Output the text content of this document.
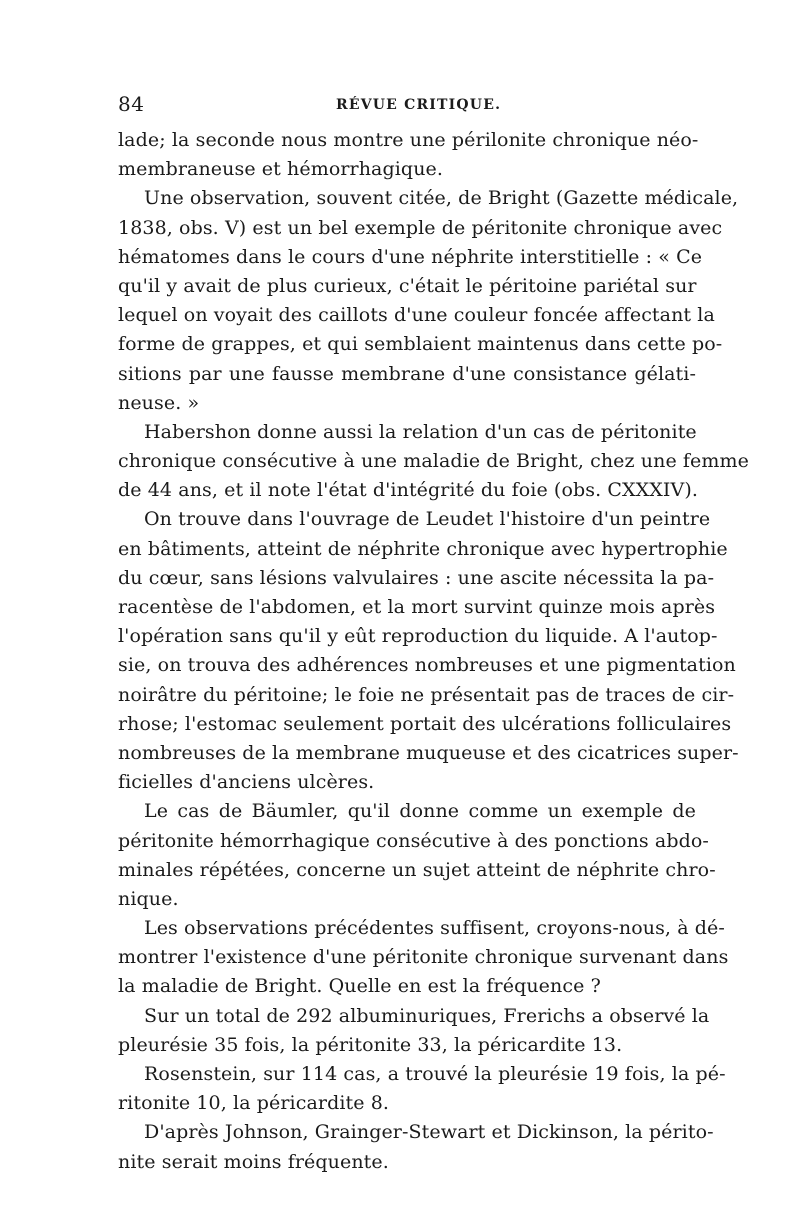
84	RÉVUE CRITIQUE.
lade; la seconde nous montre une périlonite chronique néo-
membraneuse et hémorrhagique.
Une observation, souvent citée, de Bright (Gazette médicale,
1838, obs. V) est un bel exemple de péritonite chronique avec
hématomes dans le cours d'une néphrite interstitielle : « Ce
qu'il y avait de plus curieux, c'était le péritoine pariétal sur
lequel on voyait des caillots d'une couleur foncée affectant la
forme de grappes, et qui semblaient maintenus dans cette po-
sitions par une fausse membrane d'une consistance gélati-
neuse. »
Habershon donne aussi la relation d'un cas de péritonite
chronique consécutive à une maladie de Bright, chez une femme
de 44 ans, et il note l'état d'intégrité du foie (obs. CXXXIV).
On trouve dans l'ouvrage de Leudet l'histoire d'un peintre
en bâtiments, atteint de néphrite chronique avec hypertrophie
du cœur, sans lésions valvulaires : une ascite nécessita la pa-
racentèse de l'abdomen, et la mort survint quinze mois après
l'opération sans qu'il y eût reproduction du liquide. A l'autop-
sie, on trouva des adhérences nombreuses et une pigmentation
noirâtre du péritoine; le foie ne présentait pas de traces de cir-
rhose; l'estomac seulement portait des ulcérations folliculaires
nombreuses de la membrane muqueuse et des cicatrices super-
ficielles d'anciens ulcères.
Le cas de Bäumler, qu'il donne comme un exemple de
péritonite hémorrhagique consécutive à des ponctions abdo-
minales répétées, concerne un sujet atteint de néphrite chro-
nique.
Les observations précédentes suffisent, croyons-nous, à dé-
montrer l'existence d'une péritonite chronique survenant dans
la maladie de Bright. Quelle en est la fréquence ?
Sur un total de 292 albuminuriques, Frerichs a observé la
pleurésie 35 fois, la péritonite 33, la péricardite 13.
Rosenstein, sur 114 cas, a trouvé la pleurésie 19 fois, la pé-
ritonite 10, la péricardite 8.
D'après Johnson, Grainger-Stewart et Dickinson, la périto-
nite serait moins fréquente.
